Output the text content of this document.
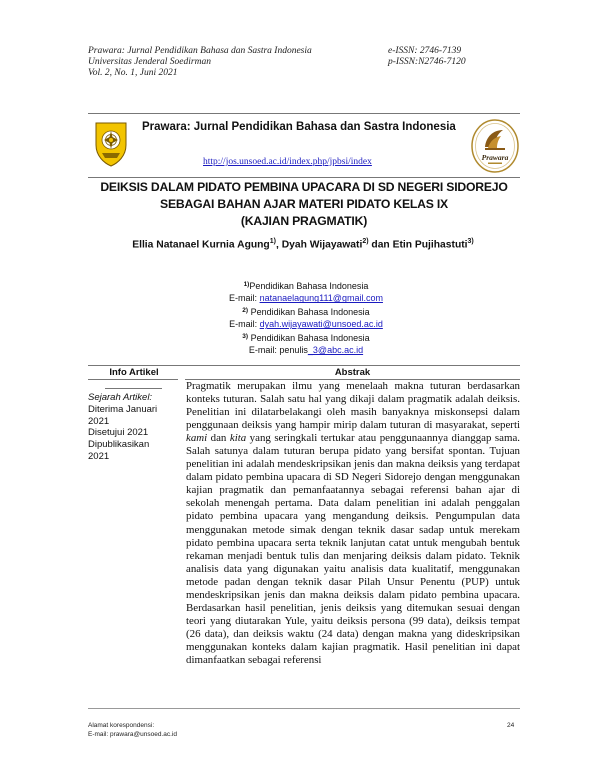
Prawara: Jurnal Pendidikan Bahasa dan Sastra Indonesia
Universitas Jenderal Soedirman
Vol. 2, No. 1, Juni 2021
e-ISSN: 2746-7139
p-ISSN:N2746-7120
Prawara: Jurnal Pendidikan Bahasa dan Sastra Indonesia
http://jos.unsoed.ac.id/index.php/jpbsi/index	Prawara
DEIKSIS DALAM PIDATO PEMBINA UPACARA DI SD NEGERI SIDOREJO
SEBAGAI BAHAN AJAR MATERI PIDATO KELAS IX
(KAJIAN PRAGMATIK)
Ellia Natanael Kurnia Agung$^{1)}$, Dyah Wijayawati$^{2)}$ dan Etin Pujihastuti$^{3)}$
$^{1)}$Pendidikan Bahasa Indonesia
E-mail: natanaelagung111@gmail.com
$^{2)}$ Pendidikan Bahasa Indonesia
E-mail: dyah.wijayawati@unsoed.ac.id
$^{3)}$ Pendidikan Bahasa Indonesia
E-mail: penulis_3@abc.ac.id
Info Artikel	Abstrak
Sejarah Artikel:
Diterima Januari
2021
Disetujui 2021
Dipublikasikan
2021
Pragmatik merupakan ilmu yang menelaah makna tuturan berdasarkan konteks tuturan. Salah satu hal yang dikaji dalam pragmatik adalah deiksis. Penelitian ini dilatarbelakangi oleh masih banyaknya miskonsepsi dalam penggunaan deiksis yang hampir mirip dalam tuturan di masyarakat, seperti kami dan kita yang seringkali tertukar atau penggunaannya dianggap sama. Salah satunya dalam tuturan berupa pidato yang bersifat spontan. Tujuan penelitian ini adalah mendeskripsikan jenis dan makna deiksis yang terdapat dalam pidato pembina upacara di SD Negeri Sidorejo dengan menggunakan kajian pragmatik dan pemanfaatannya sebagai referensi bahan ajar di sekolah menengah pertama. Data dalam penelitian ini adalah penggalan pidato pembina upacara yang mengandung deiksis. Pengumpulan data menggunakan metode simak dengan teknik dasar sadap untuk merekam pidato pembina upacara serta teknik lanjutan catat untuk mengubah bentuk rekaman menjadi bentuk tulis dan menjaring deiksis dalam pidato. Teknik analisis data yang digunakan yaitu analisis data kualitatif, menggunakan metode padan dengan teknik dasar Pilah Unsur Penentu (PUP) untuk mendeskripsikan jenis dan makna deiksis dalam pidato pembina upacara. Berdasarkan hasil penelitian, jenis deiksis yang ditemukan sesuai dengan teori yang diutarakan Yule, yaitu deiksis persona (99 data), deiksis tempat (26 data), dan deiksis waktu (24 data) dengan makna yang dideskripsikan menggunakan konteks dalam kajian pragmatik. Hasil penelitian ini dapat dimanfaatkan sebagai referensi
Alamat korespondensi:
E-mail: prawara@unsoed.ac.id
24
